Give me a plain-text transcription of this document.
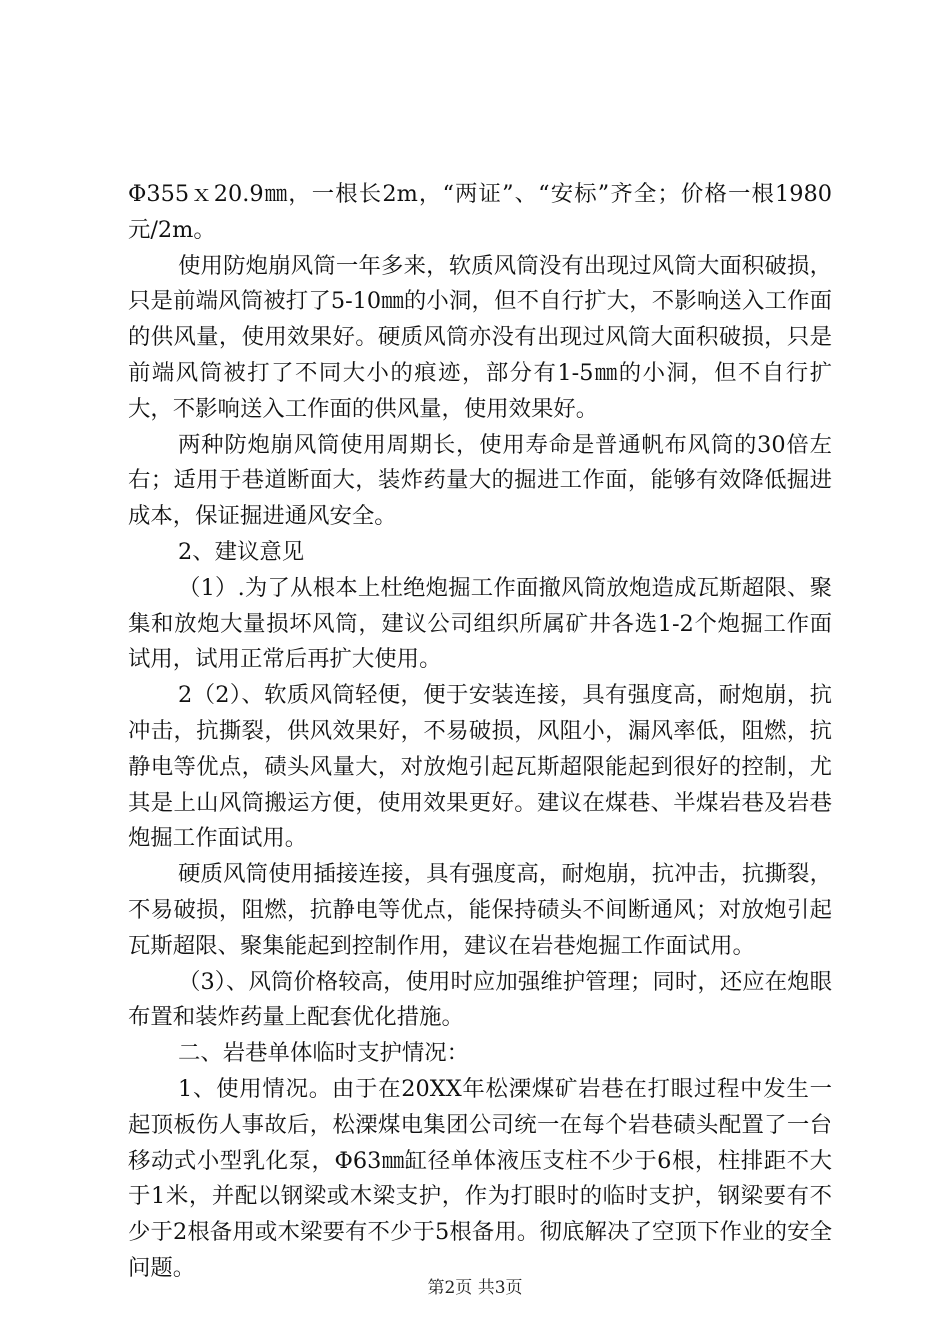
Φ355ｘ20.9㎜，一根长2m，“两证”、“安标”齐全；价格一根1980元/2m。

使用防炮崩风筒一年多来，软质风筒没有出现过风筒大面积破损，只是前端风筒被打了5-10㎜的小洞，但不自行扩大，不影响送入工作面的供风量，使用效果好。硬质风筒亦没有出现过风筒大面积破损，只是前端风筒被打了不同大小的痕迹，部分有1-5㎜的小洞，但不自行扩大，不影响送入工作面的供风量，使用效果好。

两种防炮崩风筒使用周期长，使用寿命是普通帆布风筒的30倍左右；适用于巷道断面大，装炸药量大的掘进工作面，能够有效降低掘进成本，保证掘进通风安全。

2、建议意见

（1）.为了从根本上杜绝炮掘工作面撤风筒放炮造成瓦斯超限、聚集和放炮大量损坏风筒，建议公司组织所属矿井各选1-2个炮掘工作面试用，试用正常后再扩大使用。

2（2）、软质风筒轻便，便于安装连接，具有强度高，耐炮崩，抗冲击，抗撕裂，供风效果好，不易破损，风阻小，漏风率低，阻燃，抗静电等优点，碛头风量大，对放炮引起瓦斯超限能起到很好的控制，尤其是上山风筒搬运方便，使用效果更好。建议在煤巷、半煤岩巷及岩巷炮掘工作面试用。

硬质风筒使用插接连接，具有强度高，耐炮崩，抗冲击，抗撕裂，不易破损，阻燃，抗静电等优点，能保持碛头不间断通风；对放炮引起瓦斯超限、聚集能起到控制作用，建议在岩巷炮掘工作面试用。

（3）、风筒价格较高，使用时应加强维护管理；同时，还应在炮眼布置和装炸药量上配套优化措施。

二、岩巷单体临时支护情况：

1、使用情况。由于在20XX年松溧煤矿岩巷在打眼过程中发生一起顶板伤人事故后，松溧煤电集团公司统一在每个岩巷碛头配置了一台移动式小型乳化泵，Φ63㎜缸径单体液压支柱不少于6根，柱排距不大于1米，并配以钢梁或木梁支护，作为打眼时的临时支护，钢梁要有不少于2根备用或木梁要有不少于5根备用。彻底解决了空顶下作业的安全问题。

第2页 共3页
